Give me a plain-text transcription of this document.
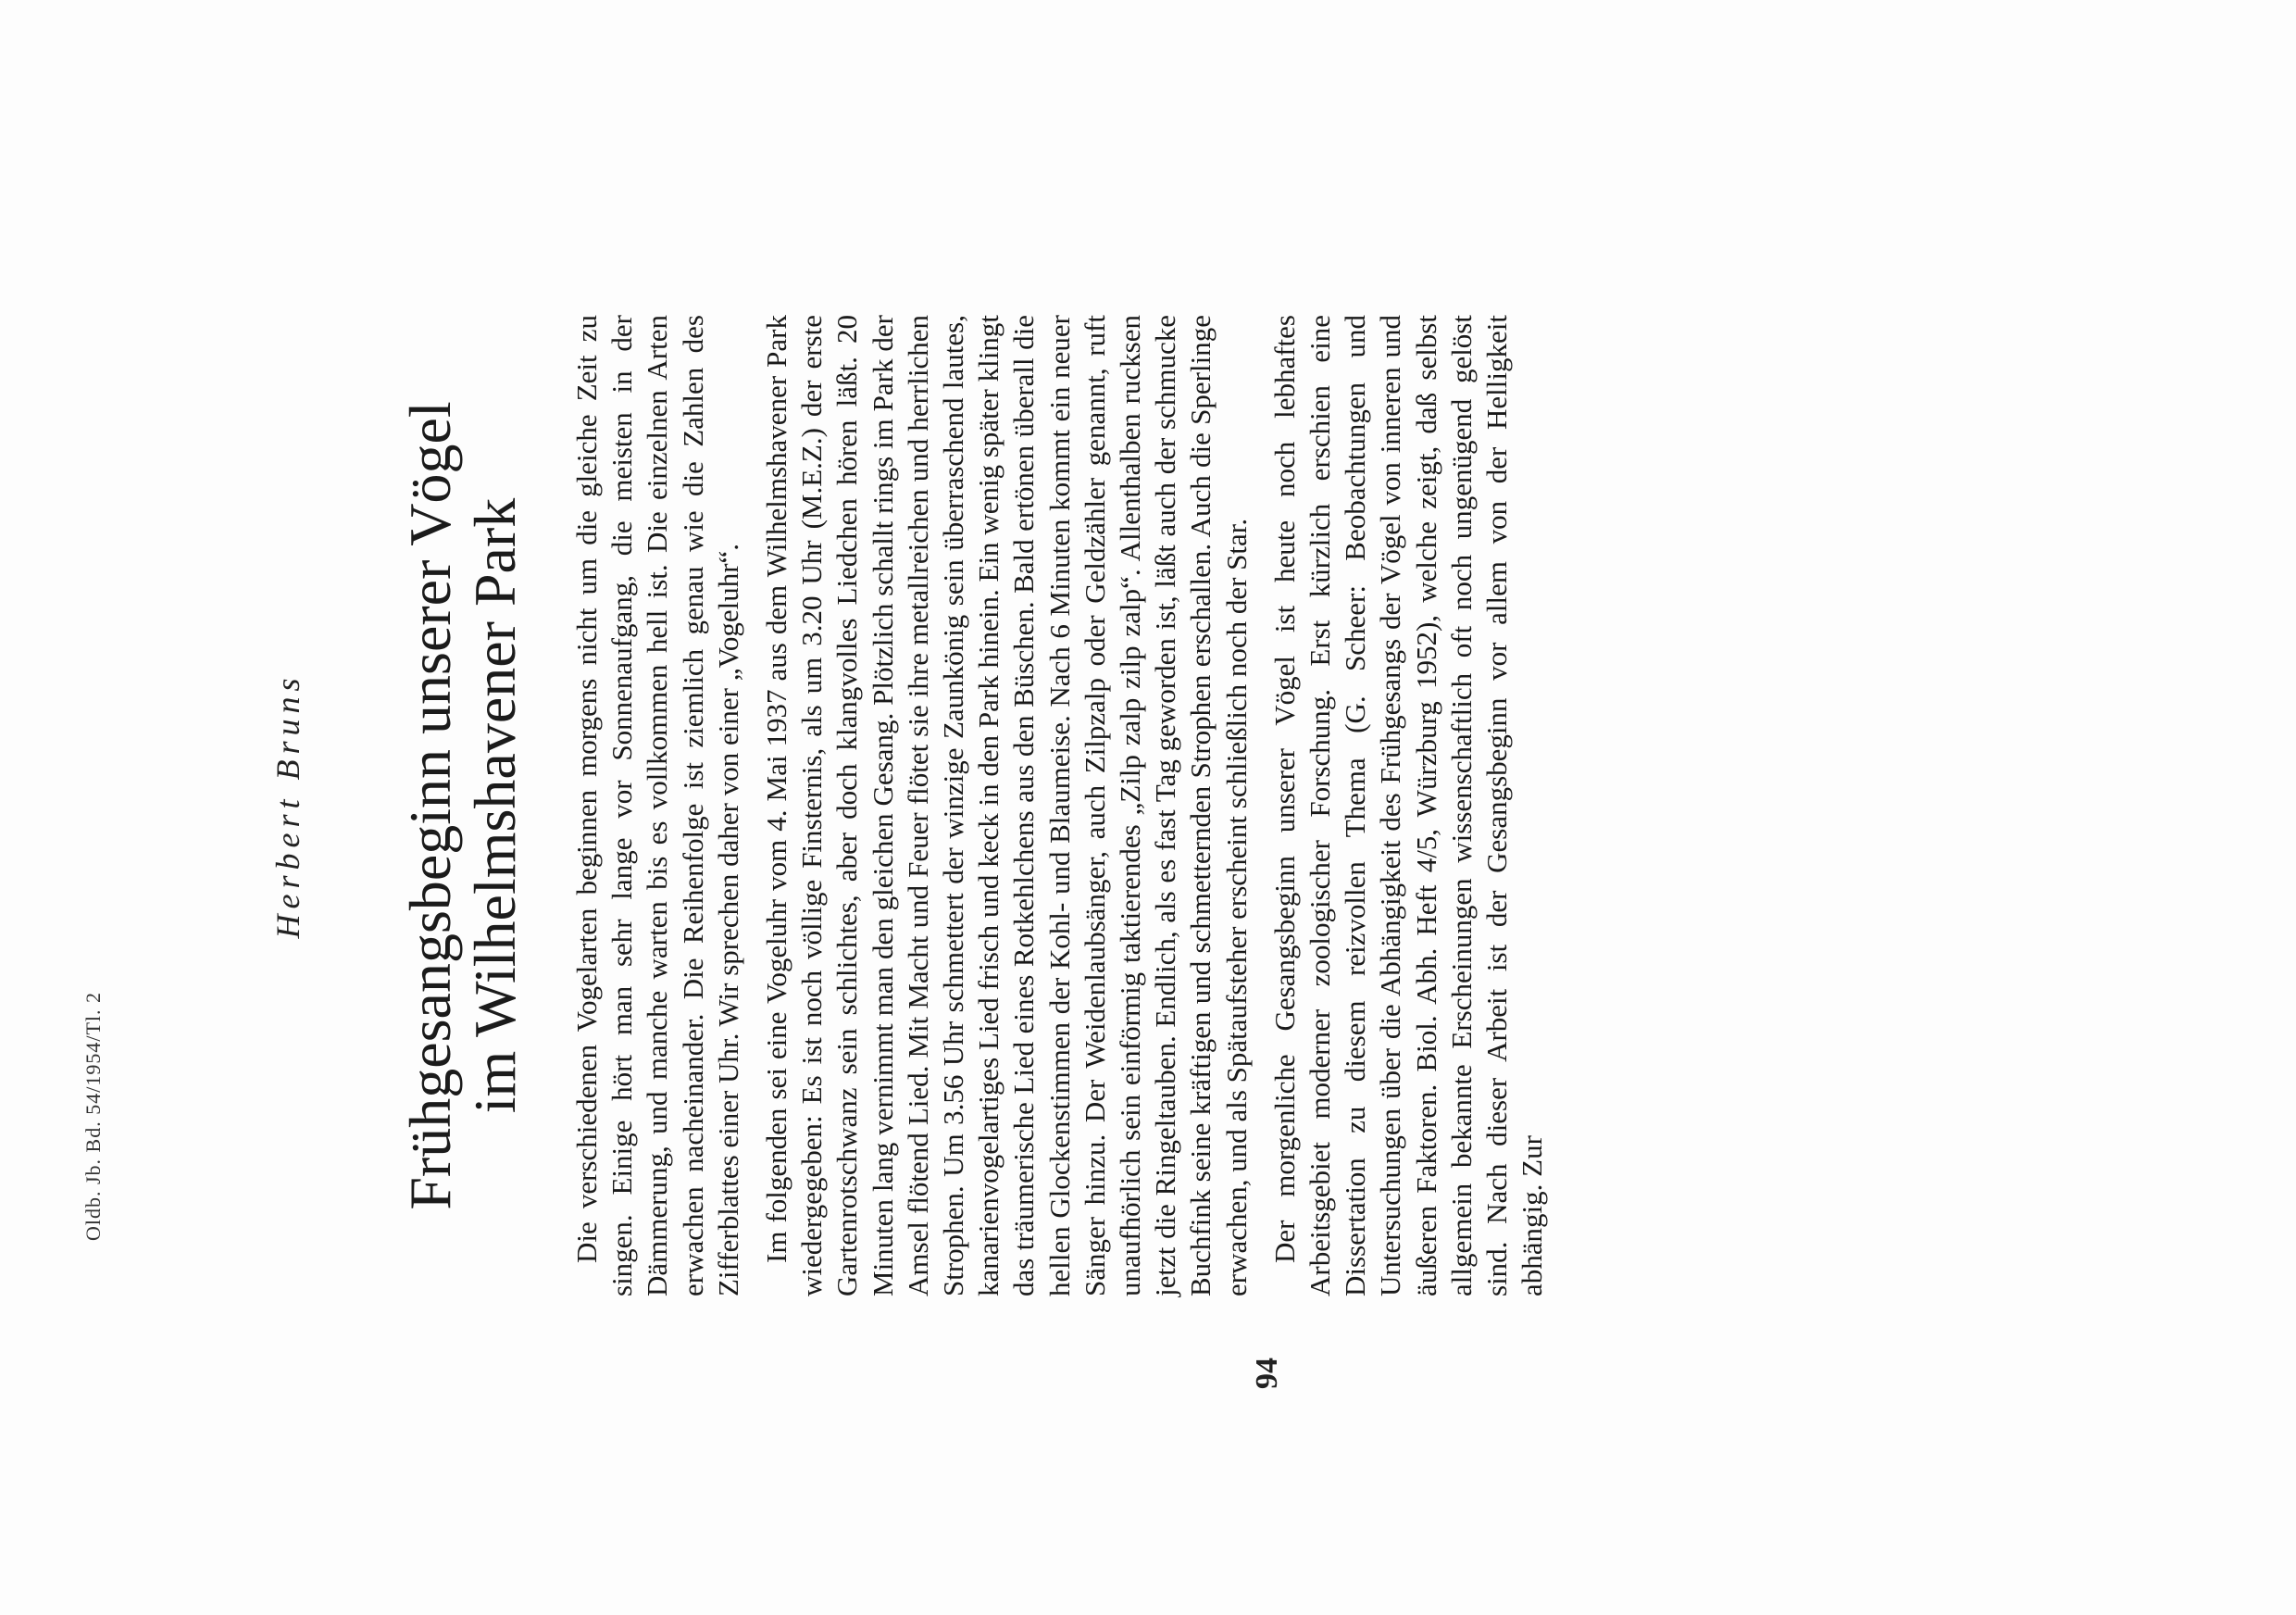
Oldb. Jb. Bd. 54/1954/Tl. 2
Herbert Bruns Frühgesangsbeginn unserer Vögel
im Wilhelmshavener Park Die verschiedenen Vogelarten beginnen morgens nicht um die gleiche Zeit zu singen. Einige hört man sehr lange vor Sonnenaufgang, die meisten in der Dämmerung, und manche warten bis es vollkommen hell ist. Die einzelnen Arten erwachen nacheinander. Die Reihenfolge ist ziemlich genau wie die Zahlen des Zifferblattes einer Uhr. Wir sprechen daher von einer „Vogeluhr“. Im folgenden sei eine Vogeluhr vom 4. Mai 1937 aus dem Wilhelmshavener Park wiedergegeben: Es ist noch völlige Finsternis, als um 3.20 Uhr (M.E.Z.) der erste Gartenrotschwanz sein schlichtes, aber doch klangvolles Liedchen hören läßt. 20 Minuten lang vernimmt man den gleichen Gesang. Plötzlich schallt rings im Park der Amsel flötend Lied. Mit Macht und Feuer flötet sie ihre metallreichen und herrlichen Strophen. Um 3.56 Uhr schmettert der winzige Zaunkönig sein überraschend lautes, kanarienvogelartiges Lied frisch und keck in den Park hinein. Ein wenig später klingt das träumerische Lied eines Rotkehlchens aus den Büschen. Bald ertönen überall die hellen Glockenstimmen der Kohl- und Blaumeise. Nach 6 Minuten kommt ein neuer Sänger hinzu. Der Weidenlaubsänger, auch Zilpzalp oder Geldzähler genannt, ruft unaufhörlich sein einförmig taktierendes „Zilp zalp zilp zalp“. Allenthalben rucksen jetzt die Ringeltauben. Endlich, als es fast Tag geworden ist, läßt auch der schmucke Buchfink seine kräftigen und schmetternden Strophen erschallen. Auch die Sperlinge erwachen, und als Spätaufsteher erscheint schließlich noch der Star. Der morgenliche Gesangsbeginn unserer Vögel ist heute noch lebhaftes Arbeitsgebiet moderner zoologischer Forschung. Erst kürzlich erschien eine Dissertation zu diesem reizvollen Thema (G. Scheer: Beobachtungen und Untersuchungen über die Abhängigkeit des Frühgesangs der Vögel von inneren und äußeren Faktoren. Biol. Abh. Heft 4/5, Würzburg 1952), welche zeigt, daß selbst allgemein bekannte Erscheinungen wissenschaftlich oft noch ungenügend gelöst sind. Nach dieser Arbeit ist der Gesangsbeginn vor allem von der Helligkeit abhängig. Zur

94
